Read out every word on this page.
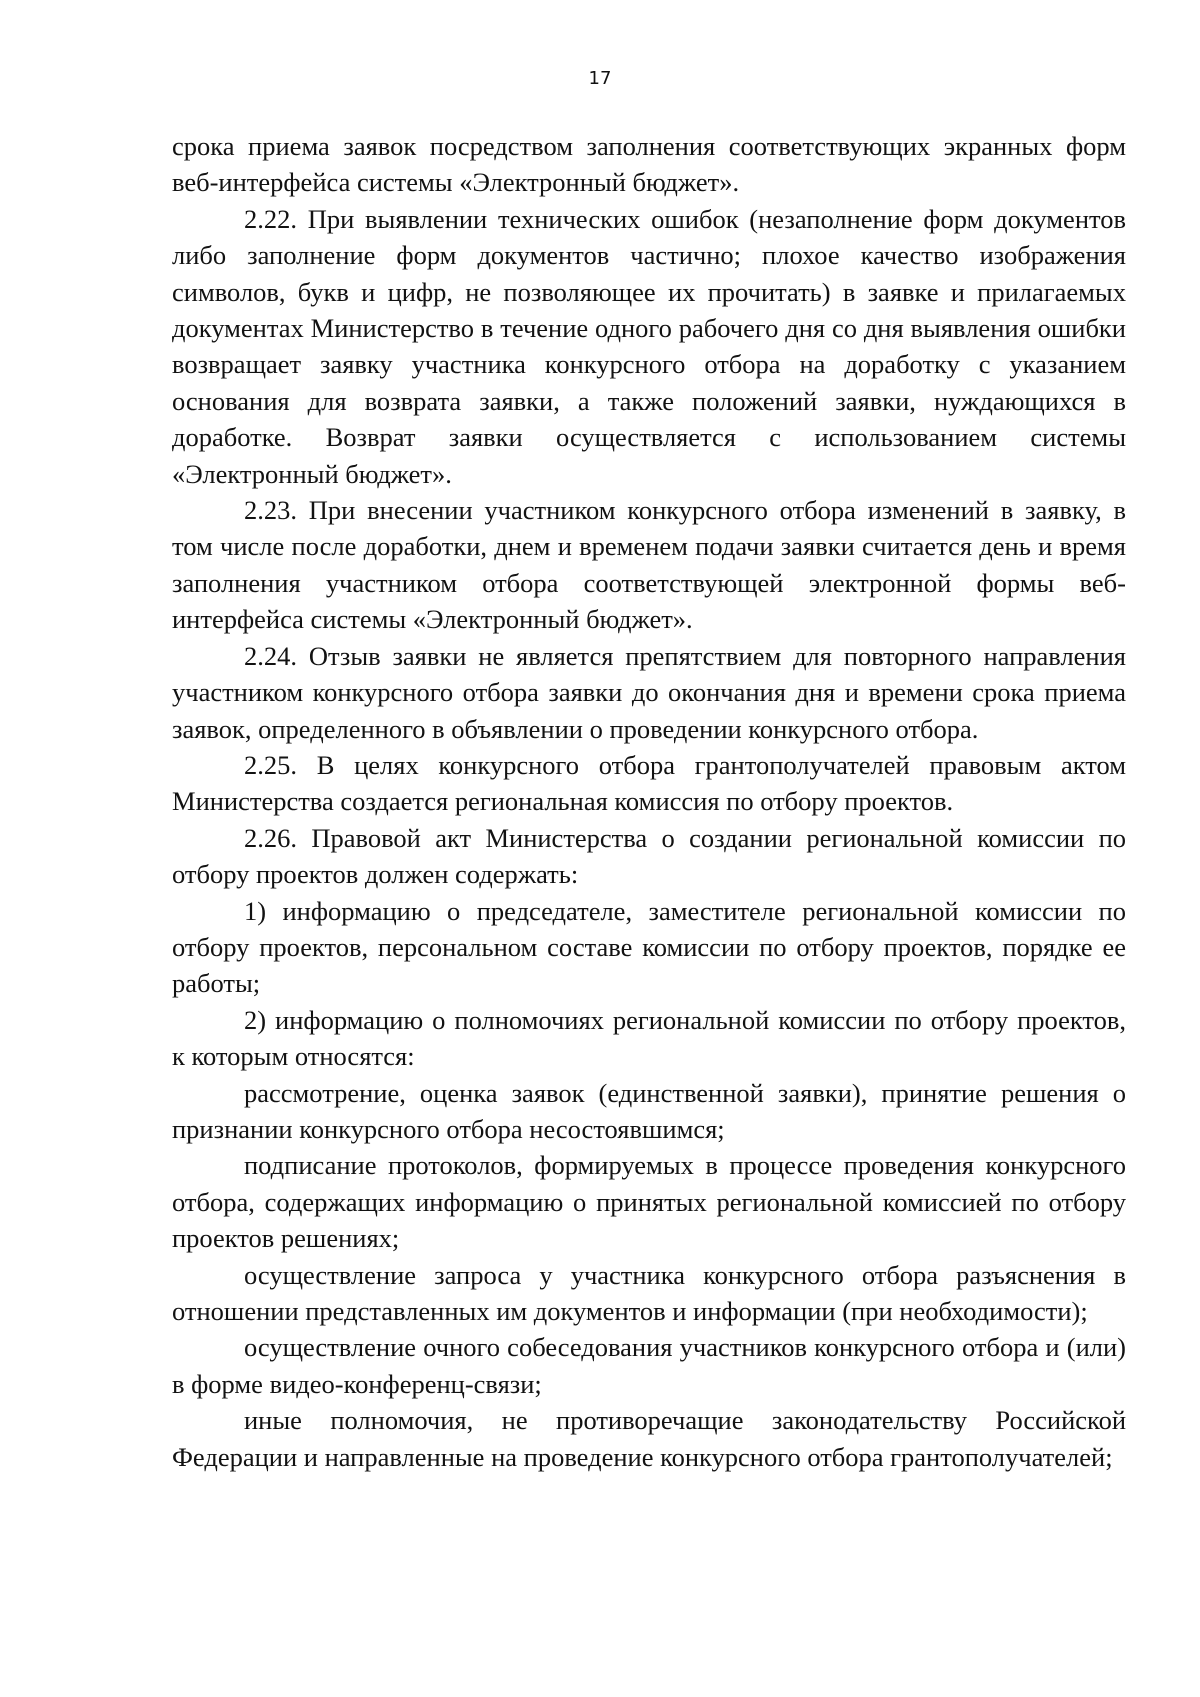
17

срока приема заявок посредством заполнения соответствующих экранных форм веб-интерфейса системы «Электронный бюджет».

2.22. При выявлении технических ошибок (незаполнение форм документов либо заполнение форм документов частично; плохое качество изображения символов, букв и цифр, не позволяющее их прочитать) в заявке и прилагаемых документах Министерство в течение одного рабочего дня со дня выявления ошибки возвращает заявку участника конкурсного отбора на доработку с указанием основания для возврата заявки, а также положений заявки, нуждающихся в доработке. Возврат заявки осуществляется с использованием системы «Электронный бюджет».

2.23. При внесении участником конкурсного отбора изменений в заявку, в том числе после доработки, днем и временем подачи заявки считается день и время заполнения участником отбора соответствующей электронной формы веб-интерфейса системы «Электронный бюджет».

2.24. Отзыв заявки не является препятствием для повторного направления участником конкурсного отбора заявки до окончания дня и времени срока приема заявок, определенного в объявлении о проведении конкурсного отбора.

2.25. В целях конкурсного отбора грантополучателей правовым актом Министерства создается региональная комиссия по отбору проектов.

2.26. Правовой акт Министерства о создании региональной комиссии по отбору проектов должен содержать:

1) информацию о председателе, заместителе региональной комиссии по отбору проектов, персональном составе комиссии по отбору проектов, порядке ее работы;

2) информацию о полномочиях региональной комиссии по отбору проектов, к которым относятся:

рассмотрение, оценка заявок (единственной заявки), принятие решения о признании конкурсного отбора несостоявшимся;

подписание протоколов, формируемых в процессе проведения конкурсного отбора, содержащих информацию о принятых региональной комиссией по отбору проектов решениях;

осуществление запроса у участника конкурсного отбора разъяснения в отношении представленных им документов и информации (при необходимости);

осуществление очного собеседования участников конкурсного отбора и (или) в форме видео-конференц-связи;

иные полномочия, не противоречащие законодательству Российской Федерации и направленные на проведение конкурсного отбора грантополучателей;
